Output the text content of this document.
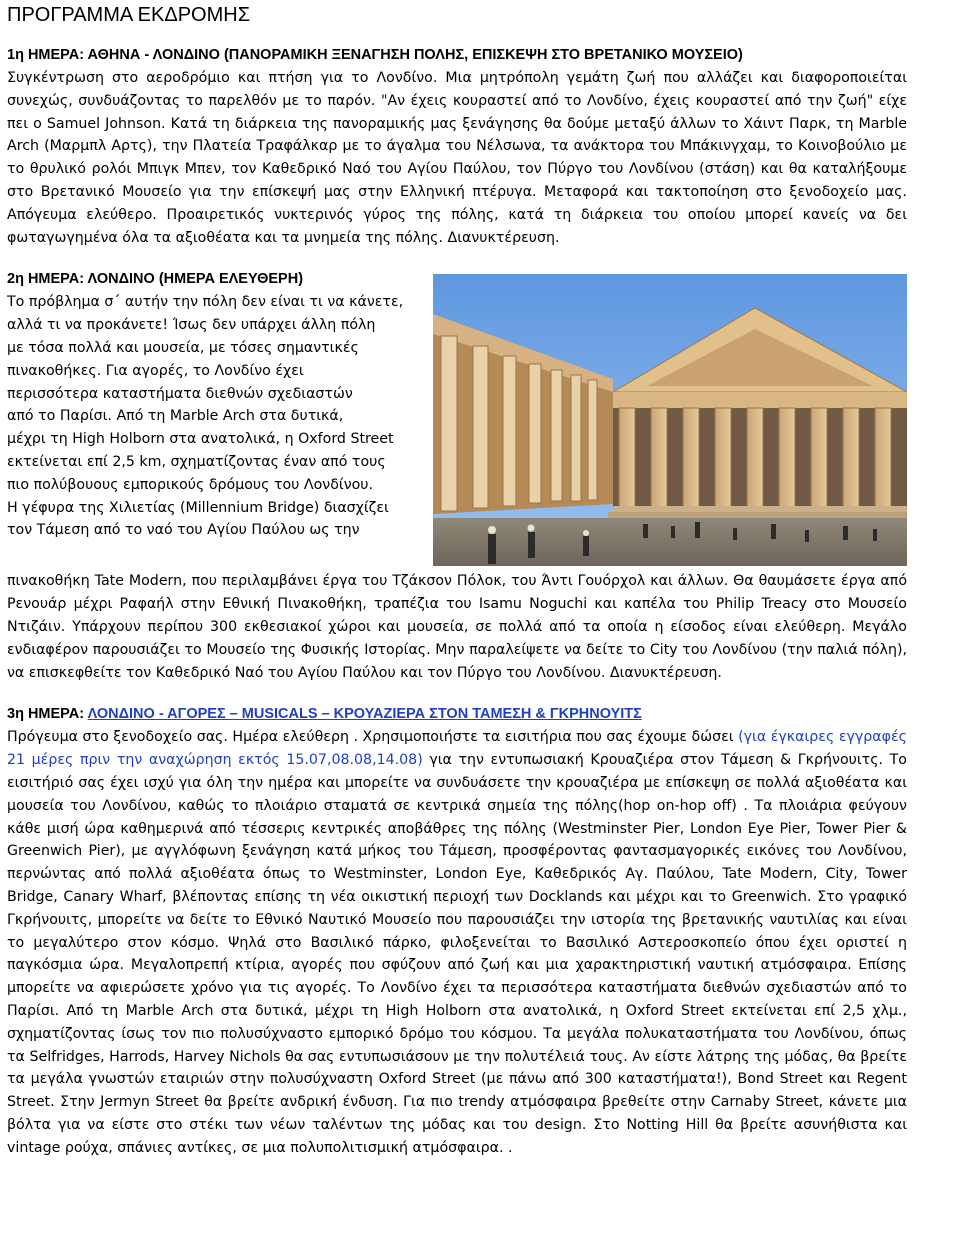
ΠΡΟΓΡΑΜΜΑ ΕΚΔΡΟΜΗΣ
1η ΗΜΕΡΑ: ΑΘΗΝΑ - ΛΟΝΔΙΝΟ (ΠΑΝΟΡΑΜΙΚΗ ΞΕΝΑΓΗΣΗ ΠΟΛΗΣ, ΕΠΙΣΚΕΨΗ ΣΤΟ ΒΡΕΤΑΝΙΚΟ ΜΟΥΣΕΙΟ)

Συγκέντρωση στο αεροδρόμιο και πτήση για το Λονδίνο. Μια μητρόπολη γεμάτη ζωή που αλλάζει και διαφοροποιείται συνεχώς, συνδυάζοντας το παρελθόν με το παρόν. "Αν έχεις κουραστεί από το Λονδίνο, έχεις κουραστεί από την ζωή" είχε πει ο Samuel Johnson. Κατά τη διάρκεια της πανοραμικής μας ξενάγησης θα δούμε μεταξύ άλλων το Χάιντ Παρκ, τη Marble Arch (Μαρμπλ Αρτς), την Πλατεία Τραφάλκαρ με το άγαλμα του Νέλσωνα, τα ανάκτορα του Μπάκινγχαμ, το Κοινοβούλιο με το θρυλικό ρολόι Μπιγκ Μπεν, τον Καθεδρικό Ναό του Αγίου Παύλου, τον Πύργο του Λονδίνου (στάση) και θα καταλήξουμε στο Βρετανικό Μουσείο για την επίσκεψή μας στην Ελληνική πτέρυγα. Μεταφορά και τακτοποίηση στο ξενοδοχείο μας. Απόγευμα ελεύθερο. Προαιρετικός νυκτερινός γύρος της πόλης, κατά τη διάρκεια του οποίου μπορεί κανείς να δει φωταγωγημένα όλα τα αξιοθέατα και τα μνημεία της πόλης. Διανυκτέρευση.

2η ΗΜΕΡΑ: ΛΟΝΔΙΝΟ (ΗΜΕΡΑ ΕΛΕΥΘΕΡΗ)
Το πρόβλημα σ΄ αυτήν την πόλη δεν είναι τι να κάνετε,
αλλά τι να προκάνετε! Ίσως δεν υπάρχει άλλη πόλη
με τόσα πολλά και μουσεία, με τόσες σημαντικές
πινακοθήκες. Για αγορές, το Λονδίνο έχει
περισσότερα καταστήματα διεθνών σχεδιαστών
από το Παρίσι. Από τη Marble Arch στα δυτικά,
μέχρι τη High Holborn στα ανατολικά, η Oxford Street
εκτείνεται επί 2,5 km, σχηματίζοντας έναν από τους
πιο πολύβουους εμπορικούς δρόμους του Λονδίνου.
Η γέφυρα της Χιλιετίας (Millennium Bridge) διασχίζει
τον Τάμεση από το ναό του Αγίου Παύλου ως την

πινακοθήκη Tate Modern, που περιλαμβάνει έργα του Τζάκσον Πόλοκ, του Άντι Γουόρχολ και άλλων. Θα θαυμάσετε έργα από Ρενουάρ μέχρι Ραφαήλ στην Εθνική Πινακοθήκη, τραπέζια του Isamu Noguchi και καπέλα του Philip Treacy στο Μουσείο Ντιζάιν. Υπάρχουν περίπου 300 εκθεσιακοί χώροι και μουσεία, σε πολλά από τα οποία η είσοδος είναι ελεύθερη. Μεγάλο ενδιαφέρον παρουσιάζει το Μουσείο της Φυσικής Ιστορίας. Μην παραλείψετε να δείτε το City του Λονδίνου (την παλιά πόλη), να επισκεφθείτε τον Καθεδρικό Ναό του Αγίου Παύλου και τον Πύργο του Λονδίνου. Διανυκτέρευση.

3η ΗΜΕΡΑ: ΛΟΝΔΙΝΟ - ΑΓΟΡΕΣ – MUSICALS – ΚΡΟΥΑΖΙΕΡΑ ΣΤΟΝ ΤΑΜΕΣΗ & ΓΚΡΗΝΟΥΙΤΣ

Πρόγευμα στο ξενοδοχείο σας. Ημέρα ελεύθερη . Χρησιμοποιήστε τα εισιτήρια που σας έχουμε δώσει (για έγκαιρες εγγραφές 21 μέρες πριν την αναχώρηση εκτός 15.07,08.08,14.08) για την εντυπωσιακή Κρουαζιέρα στον Τάμεση & Γκρήνουιτς. Το εισιτήριό σας έχει ισχύ για όλη την ημέρα και μπορείτε να συνδυάσετε την κρουαζιέρα με επίσκεψη σε πολλά αξιοθέατα και μουσεία του Λονδίνου, καθώς το πλοιάριο σταματά σε κεντρικά σημεία της πόλης(hop on-hop off) . Τα πλοιάρια φεύγουν κάθε μισή ώρα καθημερινά από τέσσερις κεντρικές αποβάθρες της πόλης (Westminster Pier, London Eye Pier, Tower Pier & Greenwich Pier), με αγγλόφωνη ξενάγηση κατά μήκος του Τάμεση, προσφέροντας φαντασμαγορικές εικόνες του Λονδίνου, περνώντας από πολλά αξιοθέατα όπως το Westminster, London Eye, Καθεδρικός Αγ. Παύλου, Tate Modern, City, Tower Bridge, Canary Wharf, βλέποντας επίσης τη νέα οικιστική περιοχή των Docklands και μέχρι και το Greenwich. Στο γραφικό Γκρήνουιτς, μπορείτε να δείτε το Εθνικό Ναυτικό Μουσείο που παρουσιάζει την ιστορία της βρετανικής ναυτιλίας και είναι το μεγαλύτερο στον κόσμο. Ψηλά στο Βασιλικό πάρκο, φιλοξενείται το Βασιλικό Αστεροσκοπείο όπου έχει οριστεί η παγκόσμια ώρα. Μεγαλοπρεπή κτίρια, αγορές που σφύζουν από ζωή και μια χαρακτηριστική ναυτική ατμόσφαιρα. Επίσης μπορείτε να αφιερώσετε χρόνο για τις αγορές. Το Λονδίνο έχει τα περισσότερα καταστήματα διεθνών σχεδιαστών από το Παρίσι. Από τη Marble Arch στα δυτικά, μέχρι τη High Holborn στα ανατολικά, η Oxford Street εκτείνεται επί 2,5 χλμ., σχηματίζοντας ίσως τον πιο πολυσύχναστο εμπορικό δρόμο του κόσμου. Τα μεγάλα πολυκαταστήματα του Λονδίνου, όπως τα Selfridges, Harrods, Harvey Nichols θα σας εντυπωσιάσουν με την πολυτέλειά τους. Αν είστε λάτρης της μόδας, θα βρείτε τα μεγάλα γνωστών εταιριών στην πολυσύχναστη Oxford Street (με πάνω από 300 καταστήματα!), Bond Street και Regent Street. Στην Jermyn Street θα βρείτε ανδρική ένδυση. Για πιο trendy ατμόσφαιρα βρεθείτε στην Carnaby Street, κάνετε μια βόλτα για να είστε στο στέκι των νέων ταλέντων της μόδας και του design. Στο Notting Hill θα βρείτε ασυνήθιστα και vintage ρούχα, σπάνιες αντίκες, σε μια πολυπολιτισμική ατμόσφαιρα. .
